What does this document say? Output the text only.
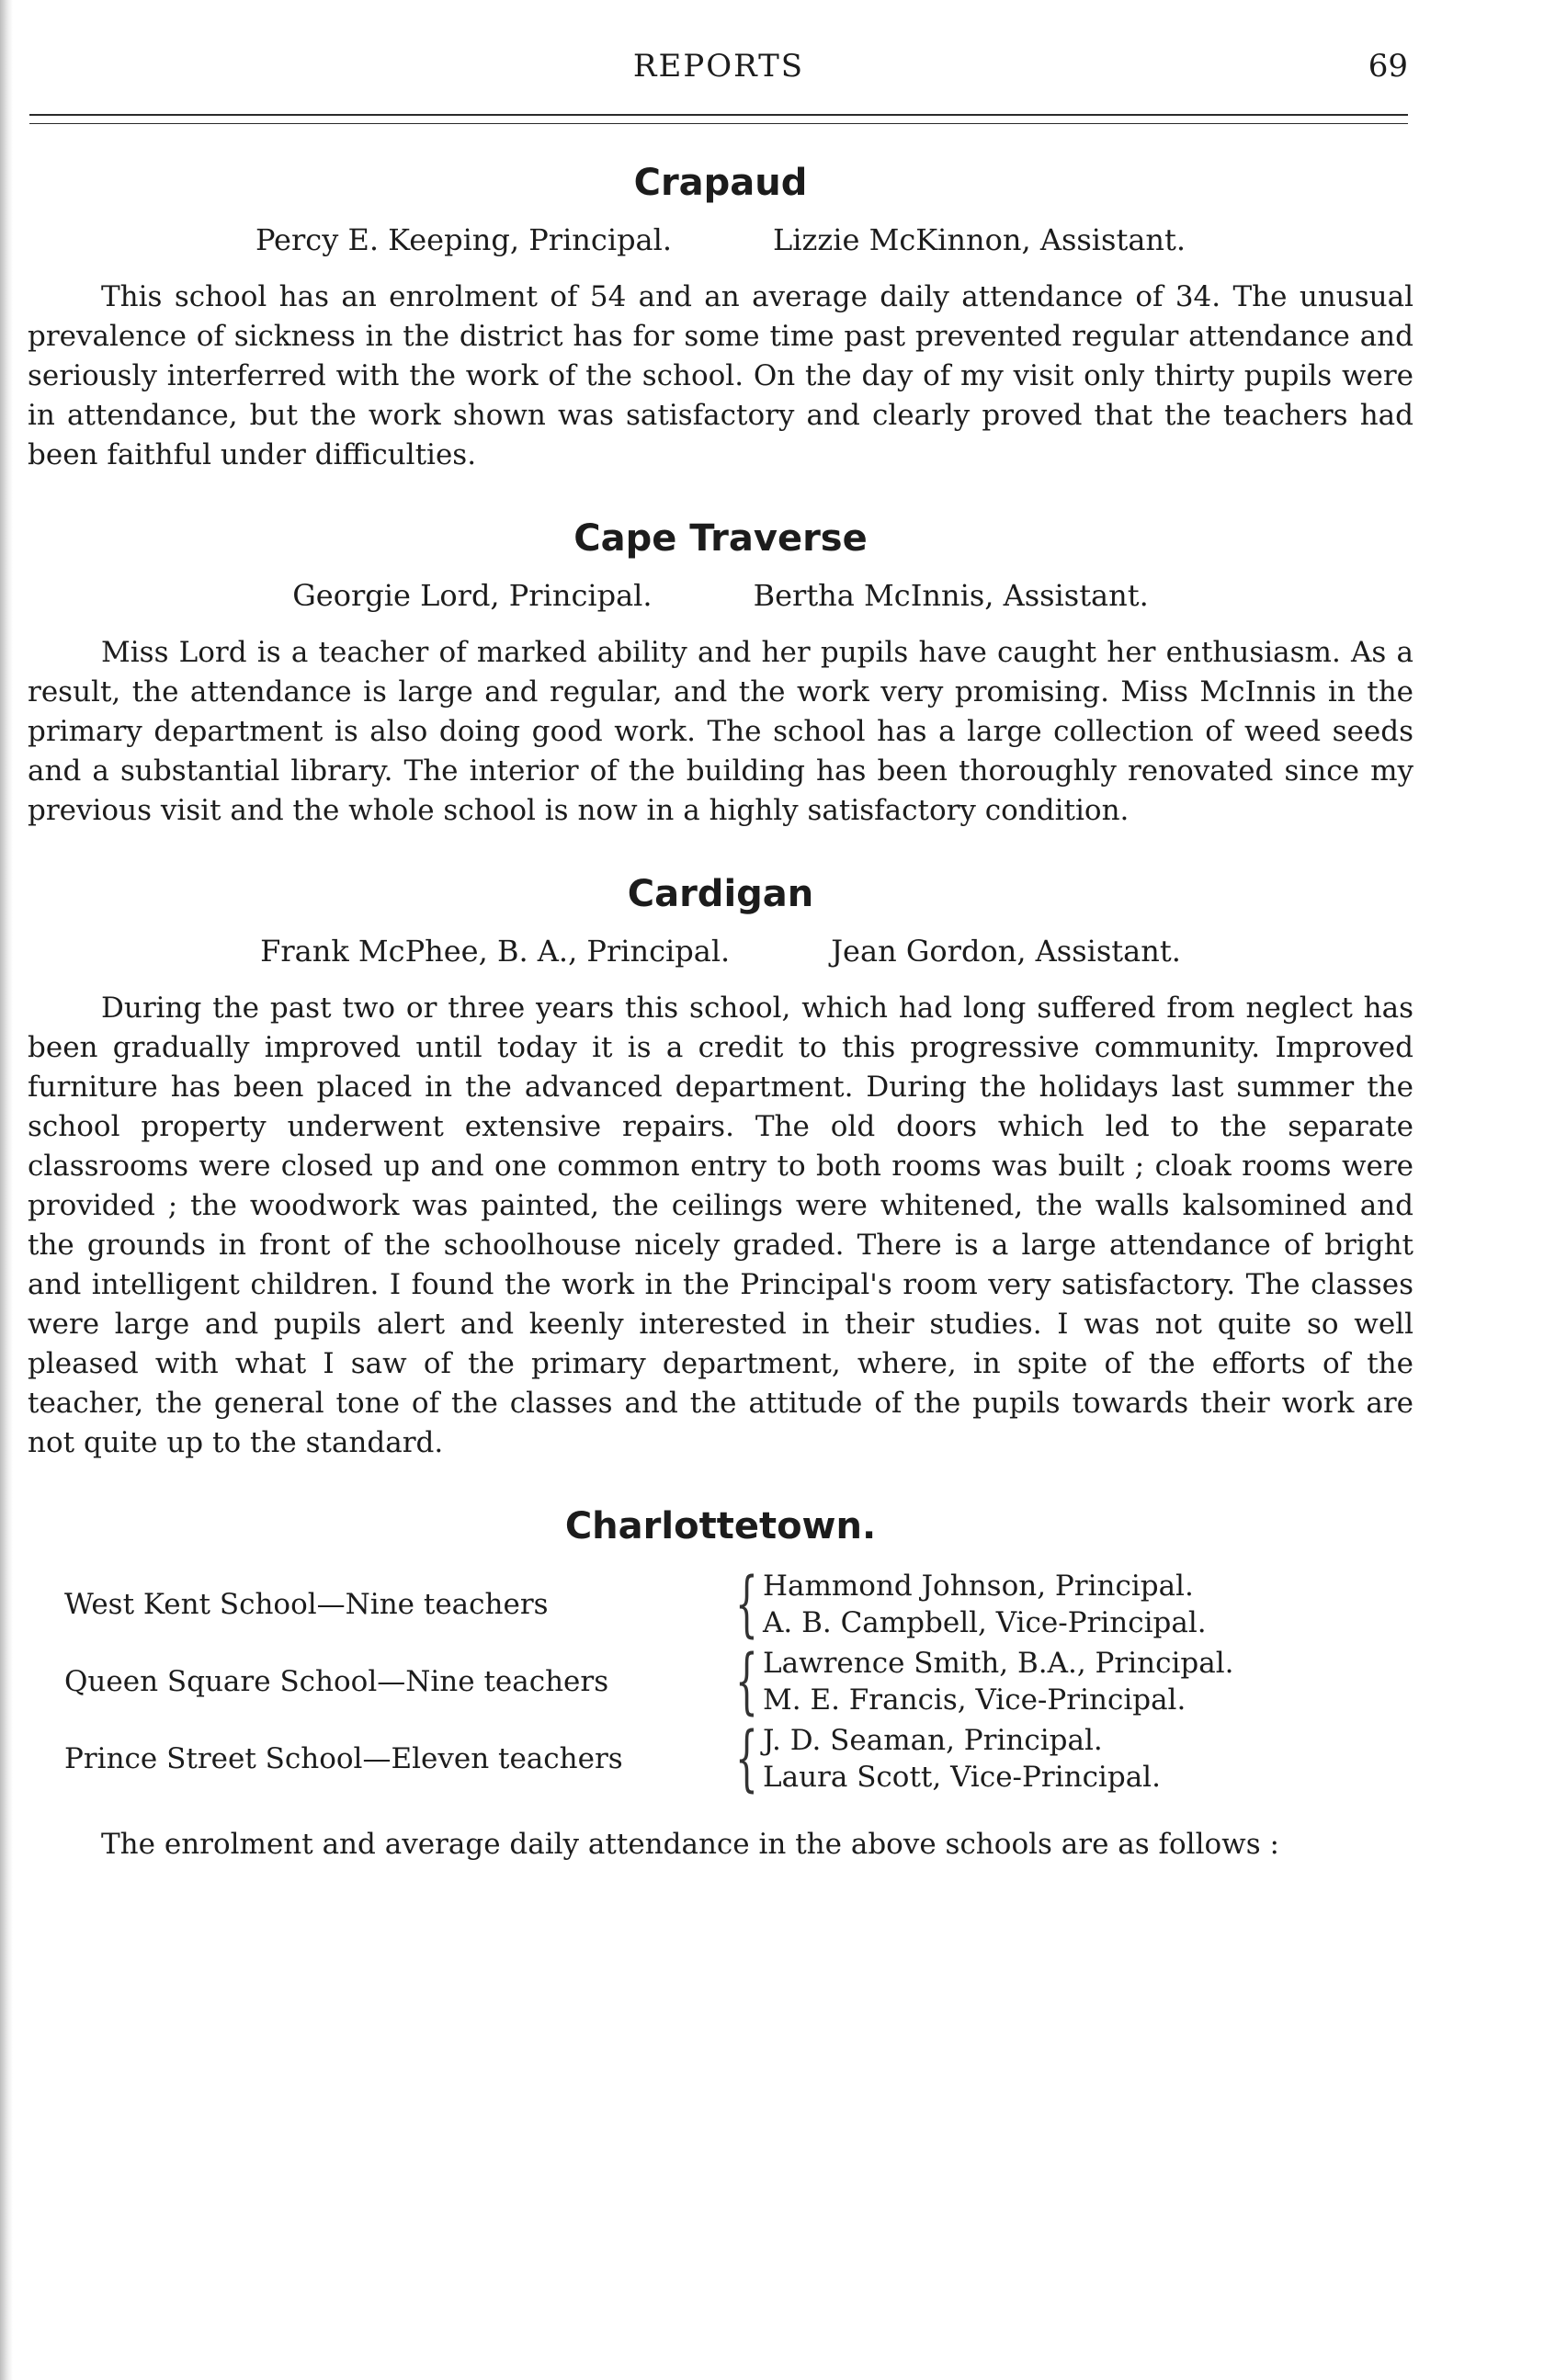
REPORTS	69
Crapaud
Percy E. Keeping, Principal.	Lizzie McKinnon, Assistant.

This school has an enrolment of 54 and an average daily attendance of 34. The unusual prevalence of sickness in the district has for some time past prevented regular attendance and seriously interferred with the work of the school. On the day of my visit only thirty pupils were in attendance, but the work shown was satisfactory and clearly proved that the teachers had been faithful under difficulties.

Cape Traverse
Georgie Lord, Principal.	Bertha McInnis, Assistant.

Miss Lord is a teacher of marked ability and her pupils have caught her enthusiasm. As a result, the attendance is large and regular, and the work very promising. Miss McInnis in the primary department is also doing good work. The school has a large collection of weed seeds and a substantial library. The interior of the building has been thoroughly renovated since my previous visit and the whole school is now in a highly satisfactory condition.

Cardigan
Frank McPhee, B. A., Principal.	Jean Gordon, Assistant.

During the past two or three years this school, which had long suffered from neglect has been gradually improved until today it is a credit to this progressive community. Improved furniture has been placed in the advanced department. During the holidays last summer the school property underwent extensive repairs. The old doors which led to the separate classrooms were closed up and one common entry to both rooms was built ; cloak rooms were provided ; the woodwork was painted, the ceilings were whitened, the walls kalsomined and the grounds in front of the schoolhouse nicely graded. There is a large attendance of bright and intelligent children. I found the work in the Principal's room very satisfactory. The classes were large and pupils alert and keenly interested in their studies. I was not quite so well pleased with what I saw of the primary department, where, in spite of the efforts of the teacher, the general tone of the classes and the attitude of the pupils towards their work are not quite up to the standard.

Charlottetown.
West Kent School—Nine teachers	{ Hammond Johnson, Principal.
A. B. Campbell, Vice-Principal.
Queen Square School—Nine teachers	{ Lawrence Smith, B.A., Principal.
M. E. Francis, Vice-Principal.
Prince Street School—Eleven teachers	{ J. D. Seaman, Principal.
Laura Scott, Vice-Principal.

The enrolment and average daily attendance in the above schools are as follows :
